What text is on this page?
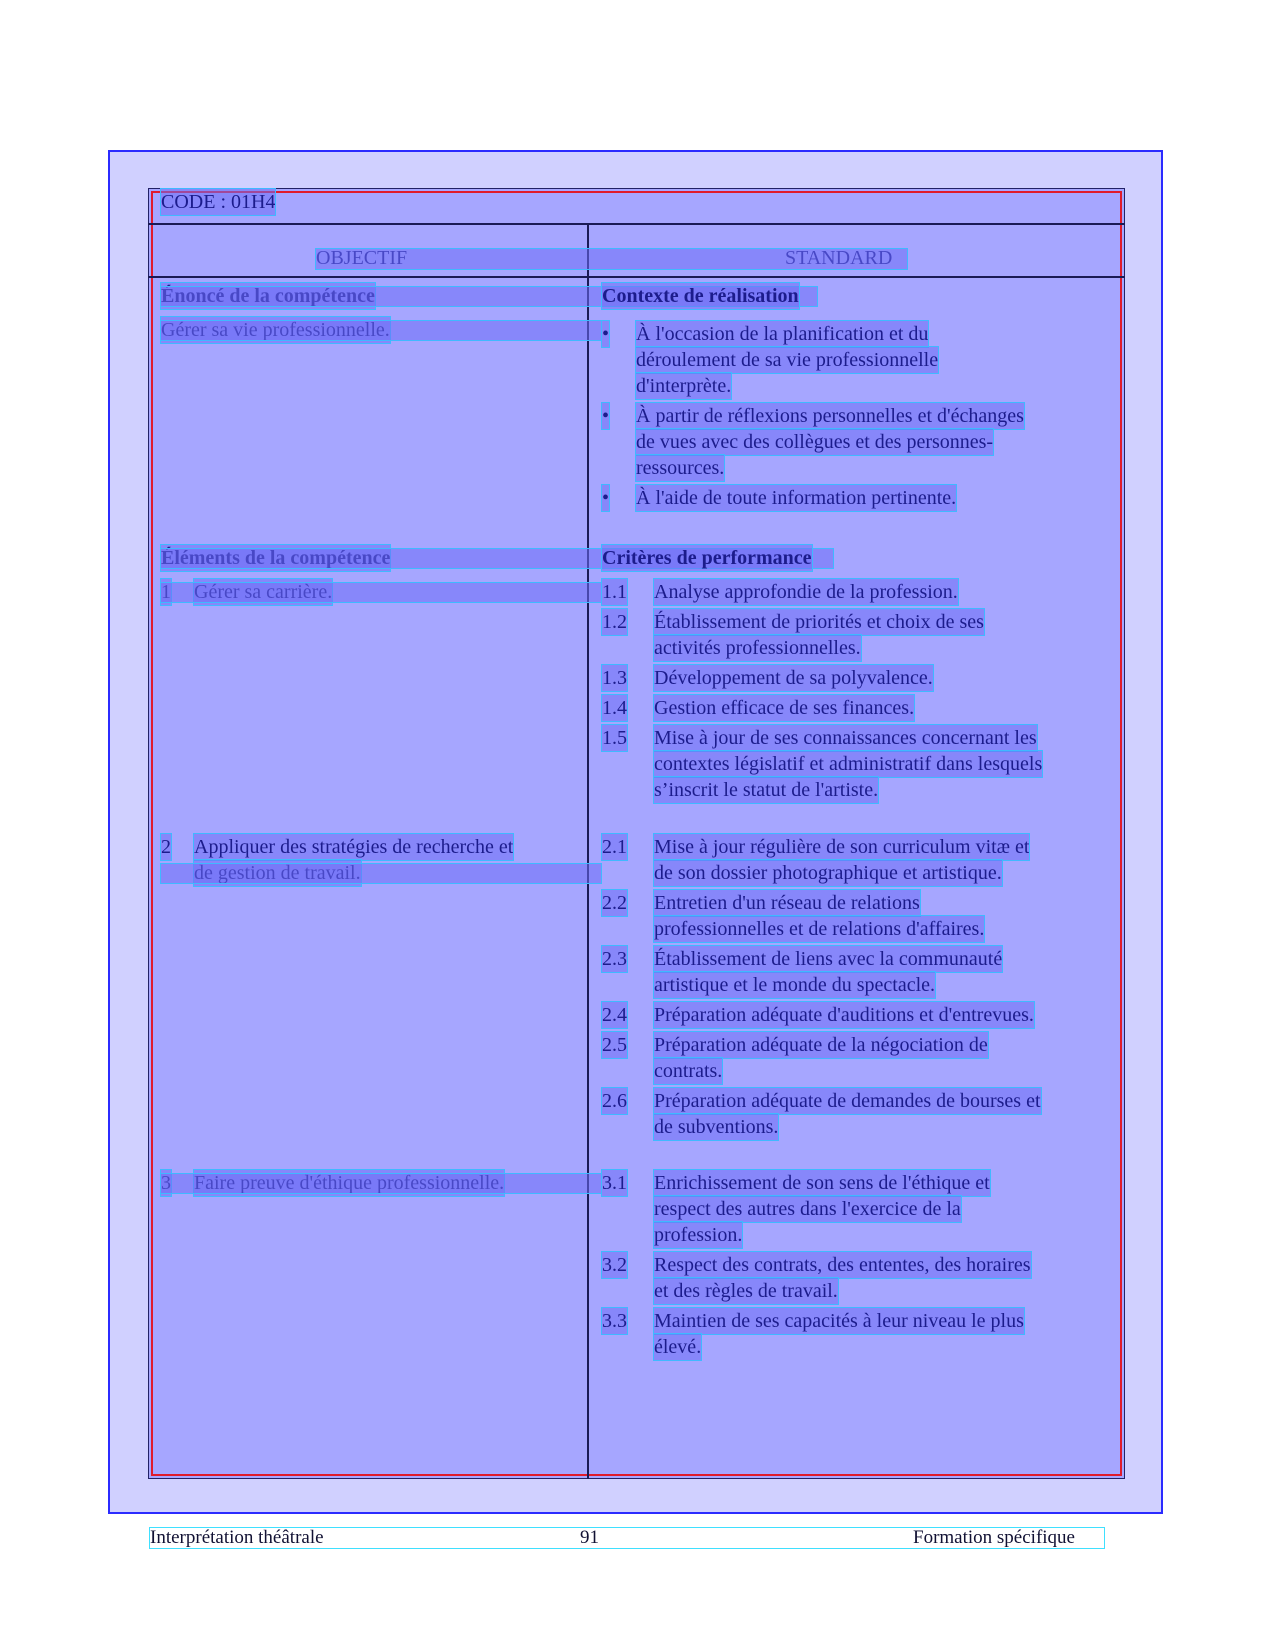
CODE : 01H4
Contexte de réalisation
Critères de performance
2 Appliquer des stratégies de recherche et
• À l'occasion de la planification et du
déroulement de sa vie professionnelle
d'interprète.
• À partir de réflexions personnelles et d'échanges
de vues avec des collègues et des personnes-
ressources.
• À l'aide de toute information pertinente.
1.1 Analyse approfondie de la profession.
1.2 Établissement de priorités et choix de ses
activités professionnelles.
1.3 Développement de sa polyvalence.
1.4 Gestion efficace de ses finances.
1.5 Mise à jour de ses connaissances concernant les
contextes législatif et administratif dans lesquels
s’inscrit le statut de l'artiste.
2.1 Mise à jour régulière de son curriculum vitæ et
de son dossier photographique et artistique.
2.2 Entretien d'un réseau de relations
professionnelles et de relations d'affaires.
2.3 Établissement de liens avec la communauté
artistique et le monde du spectacle.
2.4 Préparation adéquate d'auditions et d'entrevues.
2.5 Préparation adéquate de la négociation de
contrats.
2.6 Préparation adéquate de demandes de bourses et
de subventions.
3.1 Enrichissement de son sens de l'éthique et
respect des autres dans l'exercice de la
profession.
3.2 Respect des contrats, des ententes, des horaires
et des règles de travail.
3.3 Maintien de ses capacités à leur niveau le plus
élevé.
Interprétation théâtrale	91	Formation spécifique
